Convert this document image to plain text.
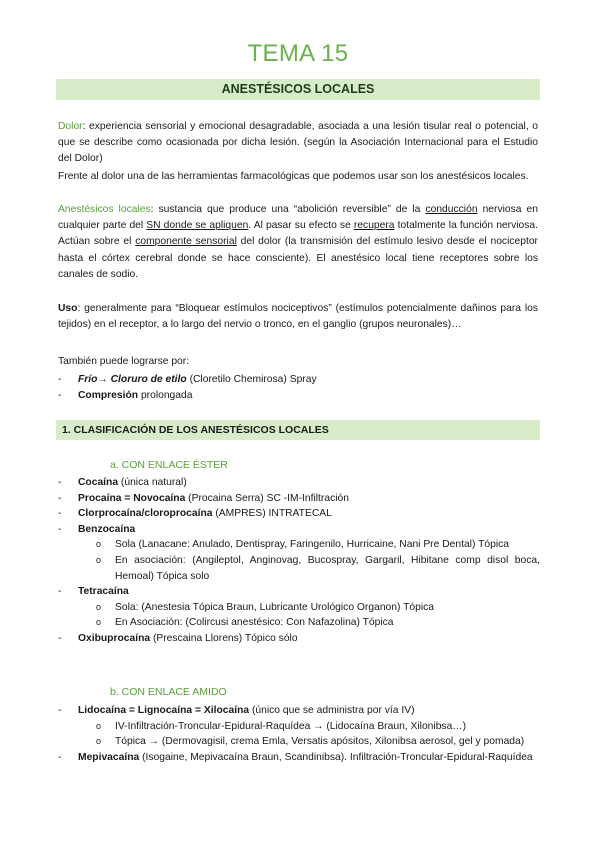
TEMA 15
ANESTÉSICOS LOCALES
Dolor: experiencia sensorial y emocional desagradable, asociada a una lesión tisular real o potencial, o que se describe como ocasionada por dicha lesión. (según la Asociación Internacional para el Estudio del Dolor)
Frente al dolor una de las herramientas farmacológicas que podemos usar son los anestésicos locales.
Anestésicos locales: sustancia que produce una “abolición reversible” de la conducción nerviosa en cualquier parte del SN donde se apliquen. Al pasar su efecto se recupera totalmente la función nerviosa. Actúan sobre el componente sensorial del dolor (la transmisión del estímulo lesivo desde el nociceptor hasta el córtex cerebral donde se hace consciente). El anestésico local tiene receptores sobre los canales de sodio.
Uso: generalmente para “Bloquear estímulos nociceptivos” (estímulos potencialmente dañinos para los tejidos) en el receptor, a lo largo del nervio o tronco, en el ganglio (grupos neuronales)…
También puede lograrse por:
- Frío→ Cloruro de etilo (Cloretilo Chemirosa) Spray
- Compresión prolongada
1. CLASIFICACIÓN DE LOS ANESTÉSICOS LOCALES
a. CON ENLACE ÉSTER
- Cocaína (única natural)
- Procaína = Novocaína (Procaina Serra) SC -IM-Infiltración
- Clorprocaína/cloroprocaína (AMPRES) INTRATECAL
- Benzocaína
o Sola (Lanacane: Anulado, Dentispray, Faringenilo, Hurricaine, Nani Pre Dental) Tópica
o En asociación: (Angileptol, Anginovag, Bucospray, Gargaril, Hibitane comp disol boca, Hemoal) Tópica solo
- Tetracaína
o Sola: (Anestesia Tópica Braun, Lubricante Urológico Organon) Tópica
o En Asociación: (Colircusi anestésico: Con Nafazolina) Tópica
- Oxibuprocaína (Prescaina Llorens) Tópico sólo
b. CON ENLACE AMIDO
- Lidocaína = Lignocaína = Xilocaína (único que se administra por vía IV)
o IV-Infiltración-Troncular-Epidural-Raquídea → (Lidocaína Braun, Xilonibsa…)
o Tópica → (Dermovagisil, crema Emla, Versatis apósitos, Xilonibsa aerosol, gel y pomada)
- Mepivacaína (Isogaine, Mepivacaína Braun, Scandinibsa). Infiltración-Troncular-Epidural-Raquídea
